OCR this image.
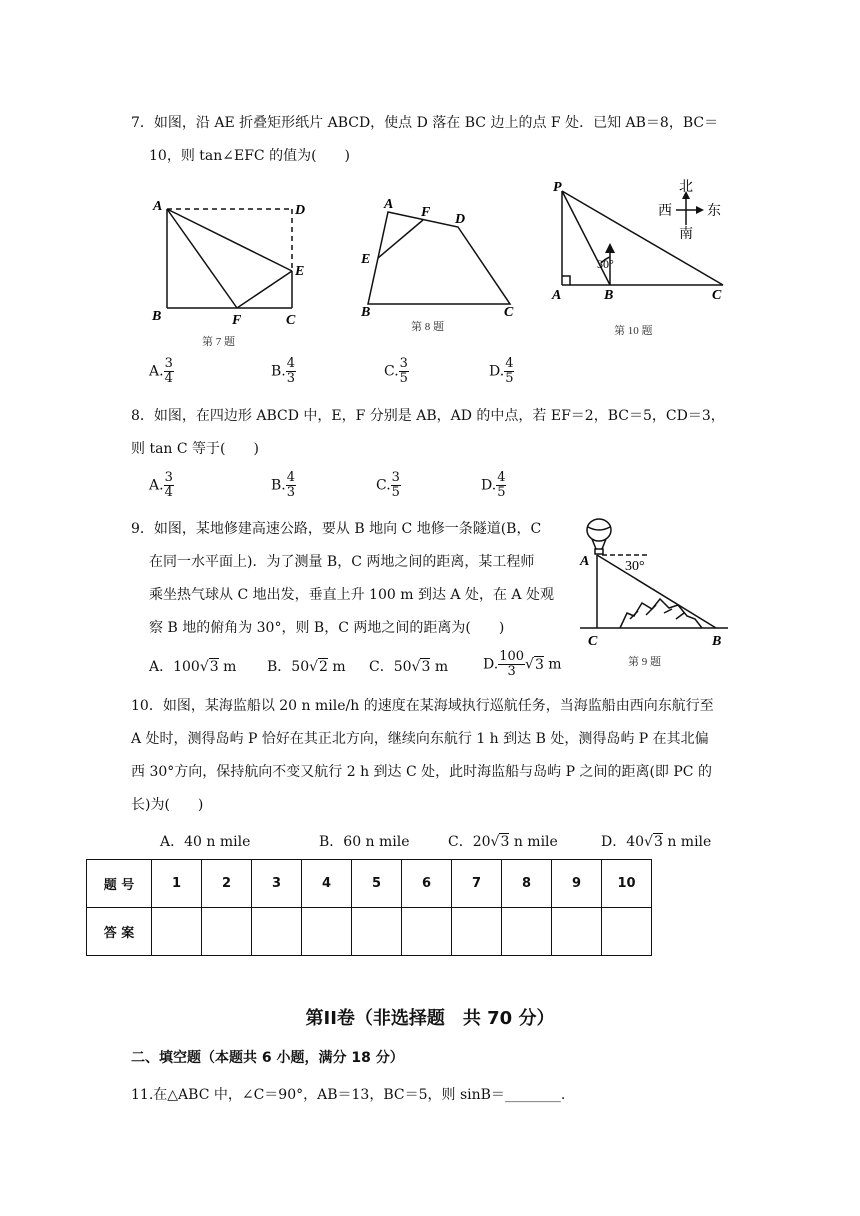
7．如图，沿 AE 折叠矩形纸片 ABCD，使点 D 落在 BC 边上的点 F 处．已知 AB＝8，BC＝
10，则 tan∠EFC 的值为(　　)
A	D
E
B	F	C
第 7 题
A
F D
E
B	C
第 8 题
P
A	B	C
30°
北
南
西	东
第 10 题
A. $\frac{3}{4}$	B. $\frac{4}{3}$	C. $\frac{3}{5}$	D. $\frac{4}{5}$
8．如图，在四边形 ABCD 中，E，F 分别是 AB，AD 的中点，若 EF＝2，BC＝5，CD＝3，
则 tan C 等于(　　)
A. $\frac{3}{4}$	B. $\frac{4}{3}$	C. $\frac{3}{5}$	D. $\frac{4}{5}$
9．如图，某地修建高速公路，要从 B 地向 C 地修一条隧道(B，C
在同一水平面上)．为了测量 B，C 两地之间的距离，某工程师
乘坐热气球从 C 地出发，垂直上升 100 m 到达 A 处，在 A 处观
察 B 地的俯角为 30°，则 B，C 两地之间的距离为(　　)
A．100√3 m B．50√2 m C．50√3 m D. $\frac{100}{3} √3$ m
A	30°
C	B
第 9 题
10．如图，某海监船以 20 n mile/h 的速度在某海域执行巡航任务，当海监船由西向东航行至
A 处时，测得岛屿 P 恰好在其正北方向，继续向东航行 1 h 到达 B 处，测得岛屿 P 在其北偏
西 30°方向，保持航向不变又航行 2 h 到达 C 处，此时海监船与岛屿 P 之间的距离(即 PC 的
长)为(　　)
A．40 n mile	B．60 n mile	C．20√3 n mile	D．40√3 n mile
题 号	1	2	3	4	5	6	7	8	9	10
答 案										
第II卷（非选择题　共 70 分）
二、填空题（本题共 6 小题，满分 18 分）
11.在△ABC 中，∠C＝90°，AB＝13，BC＝5，则 sinB＝________.
